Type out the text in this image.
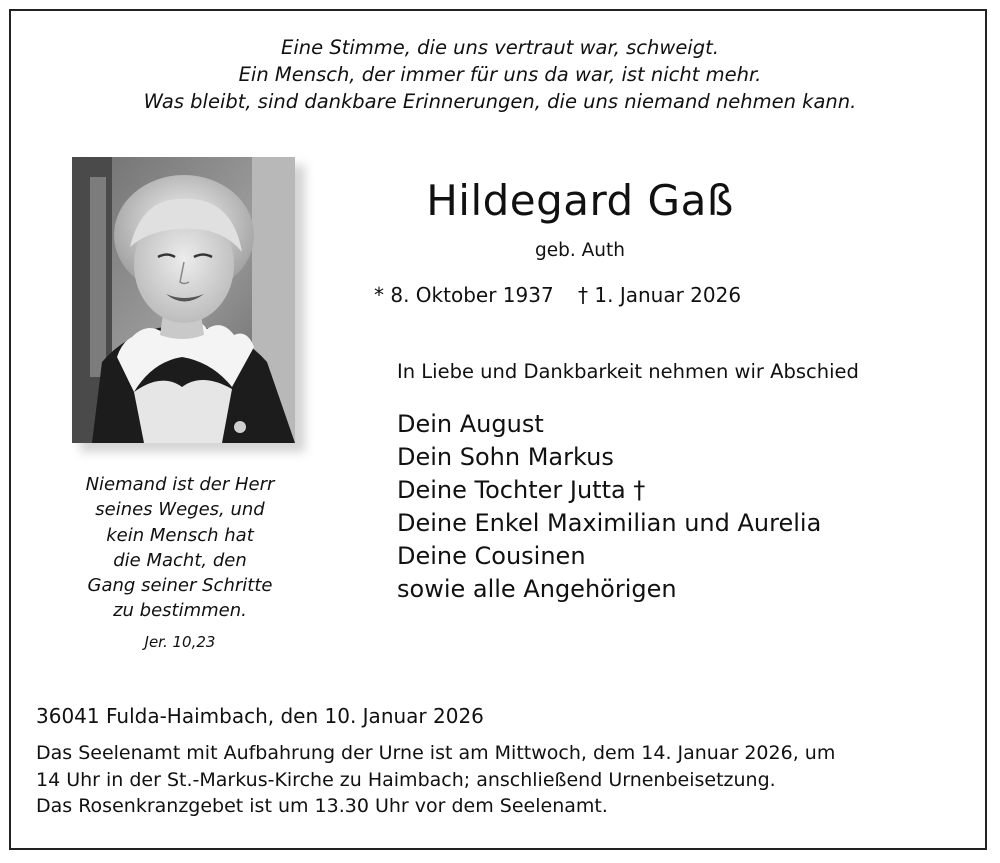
Eine Stimme, die uns vertraut war, schweigt.
Ein Mensch, der immer für uns da war, ist nicht mehr.
Was bleibt, sind dankbare Erinnerungen, die uns niemand nehmen kann.
Niemand ist der Herr
seines Weges, und
kein Mensch hat
die Macht, den
Gang seiner Schritte
zu bestimmen.
Jer. 10,23
Hildegard Gaß
geb. Auth
* 8. Oktober 1937 † 1. Januar 2026
In Liebe und Dankbarkeit nehmen wir Abschied
Dein August
Dein Sohn Markus
Deine Tochter Jutta †
Deine Enkel Maximilian und Aurelia
Deine Cousinen
sowie alle Angehörigen
36041 Fulda-Haimbach, den 10. Januar 2026
Das Seelenamt mit Aufbahrung der Urne ist am Mittwoch, dem 14. Januar 2026, um
14 Uhr in der St.-Markus-Kirche zu Haimbach; anschließend Urnenbeisetzung.
Das Rosenkranzgebet ist um 13.30 Uhr vor dem Seelenamt.
